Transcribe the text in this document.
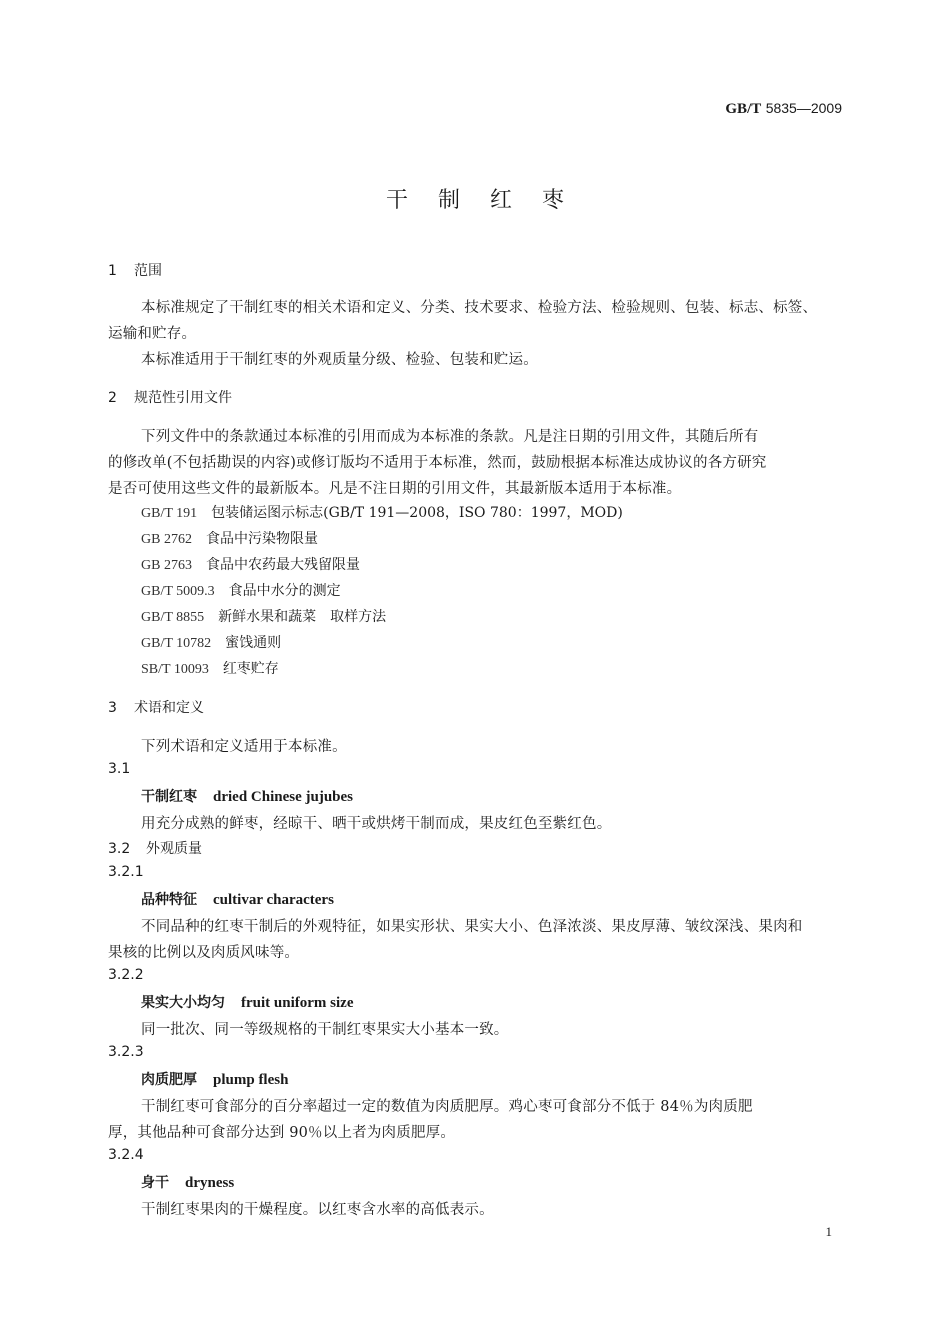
GB/T 5835—2009
干制红枣
1 范围
本标准规定了干制红枣的相关术语和定义、分类、技术要求、检验方法、检验规则、包装、标志、标签、
运输和贮存。
本标准适用于干制红枣的外观质量分级、检验、包装和贮运。
2 规范性引用文件
下列文件中的条款通过本标准的引用而成为本标准的条款。凡是注日期的引用文件，其随后所有
的修改单(不包括勘误的内容)或修订版均不适用于本标准，然而，鼓励根据本标准达成协议的各方研究
是否可使用这些文件的最新版本。凡是不注日期的引用文件，其最新版本适用于本标准。
GB/T 191 包装储运图示标志(GB/T 191—2008，ISO 780：1997，MOD)
GB 2762 食品中污染物限量
GB 2763 食品中农药最大残留限量
GB/T 5009.3 食品中水分的测定
GB/T 8855 新鲜水果和蔬菜　取样方法
GB/T 10782 蜜饯通则
SB/T 10093 红枣贮存
3 术语和定义
下列术语和定义适用于本标准。
3.1
干制红枣 dried Chinese jujubes
用充分成熟的鲜枣，经晾干、晒干或烘烤干制而成，果皮红色至紫红色。
3.2 外观质量
3.2.1
品种特征 cultivar characters
不同品种的红枣干制后的外观特征，如果实形状、果实大小、色泽浓淡、果皮厚薄、皱纹深浅、果肉和
果核的比例以及肉质风味等。
3.2.2
果实大小均匀 fruit uniform size
同一批次、同一等级规格的干制红枣果实大小基本一致。
3.2.3
肉质肥厚 plump flesh
干制红枣可食部分的百分率超过一定的数值为肉质肥厚。鸡心枣可食部分不低于 84％为肉质肥
厚，其他品种可食部分达到 90％以上者为肉质肥厚。
3.2.4
身干 dryness
干制红枣果肉的干燥程度。以红枣含水率的高低表示。
1
